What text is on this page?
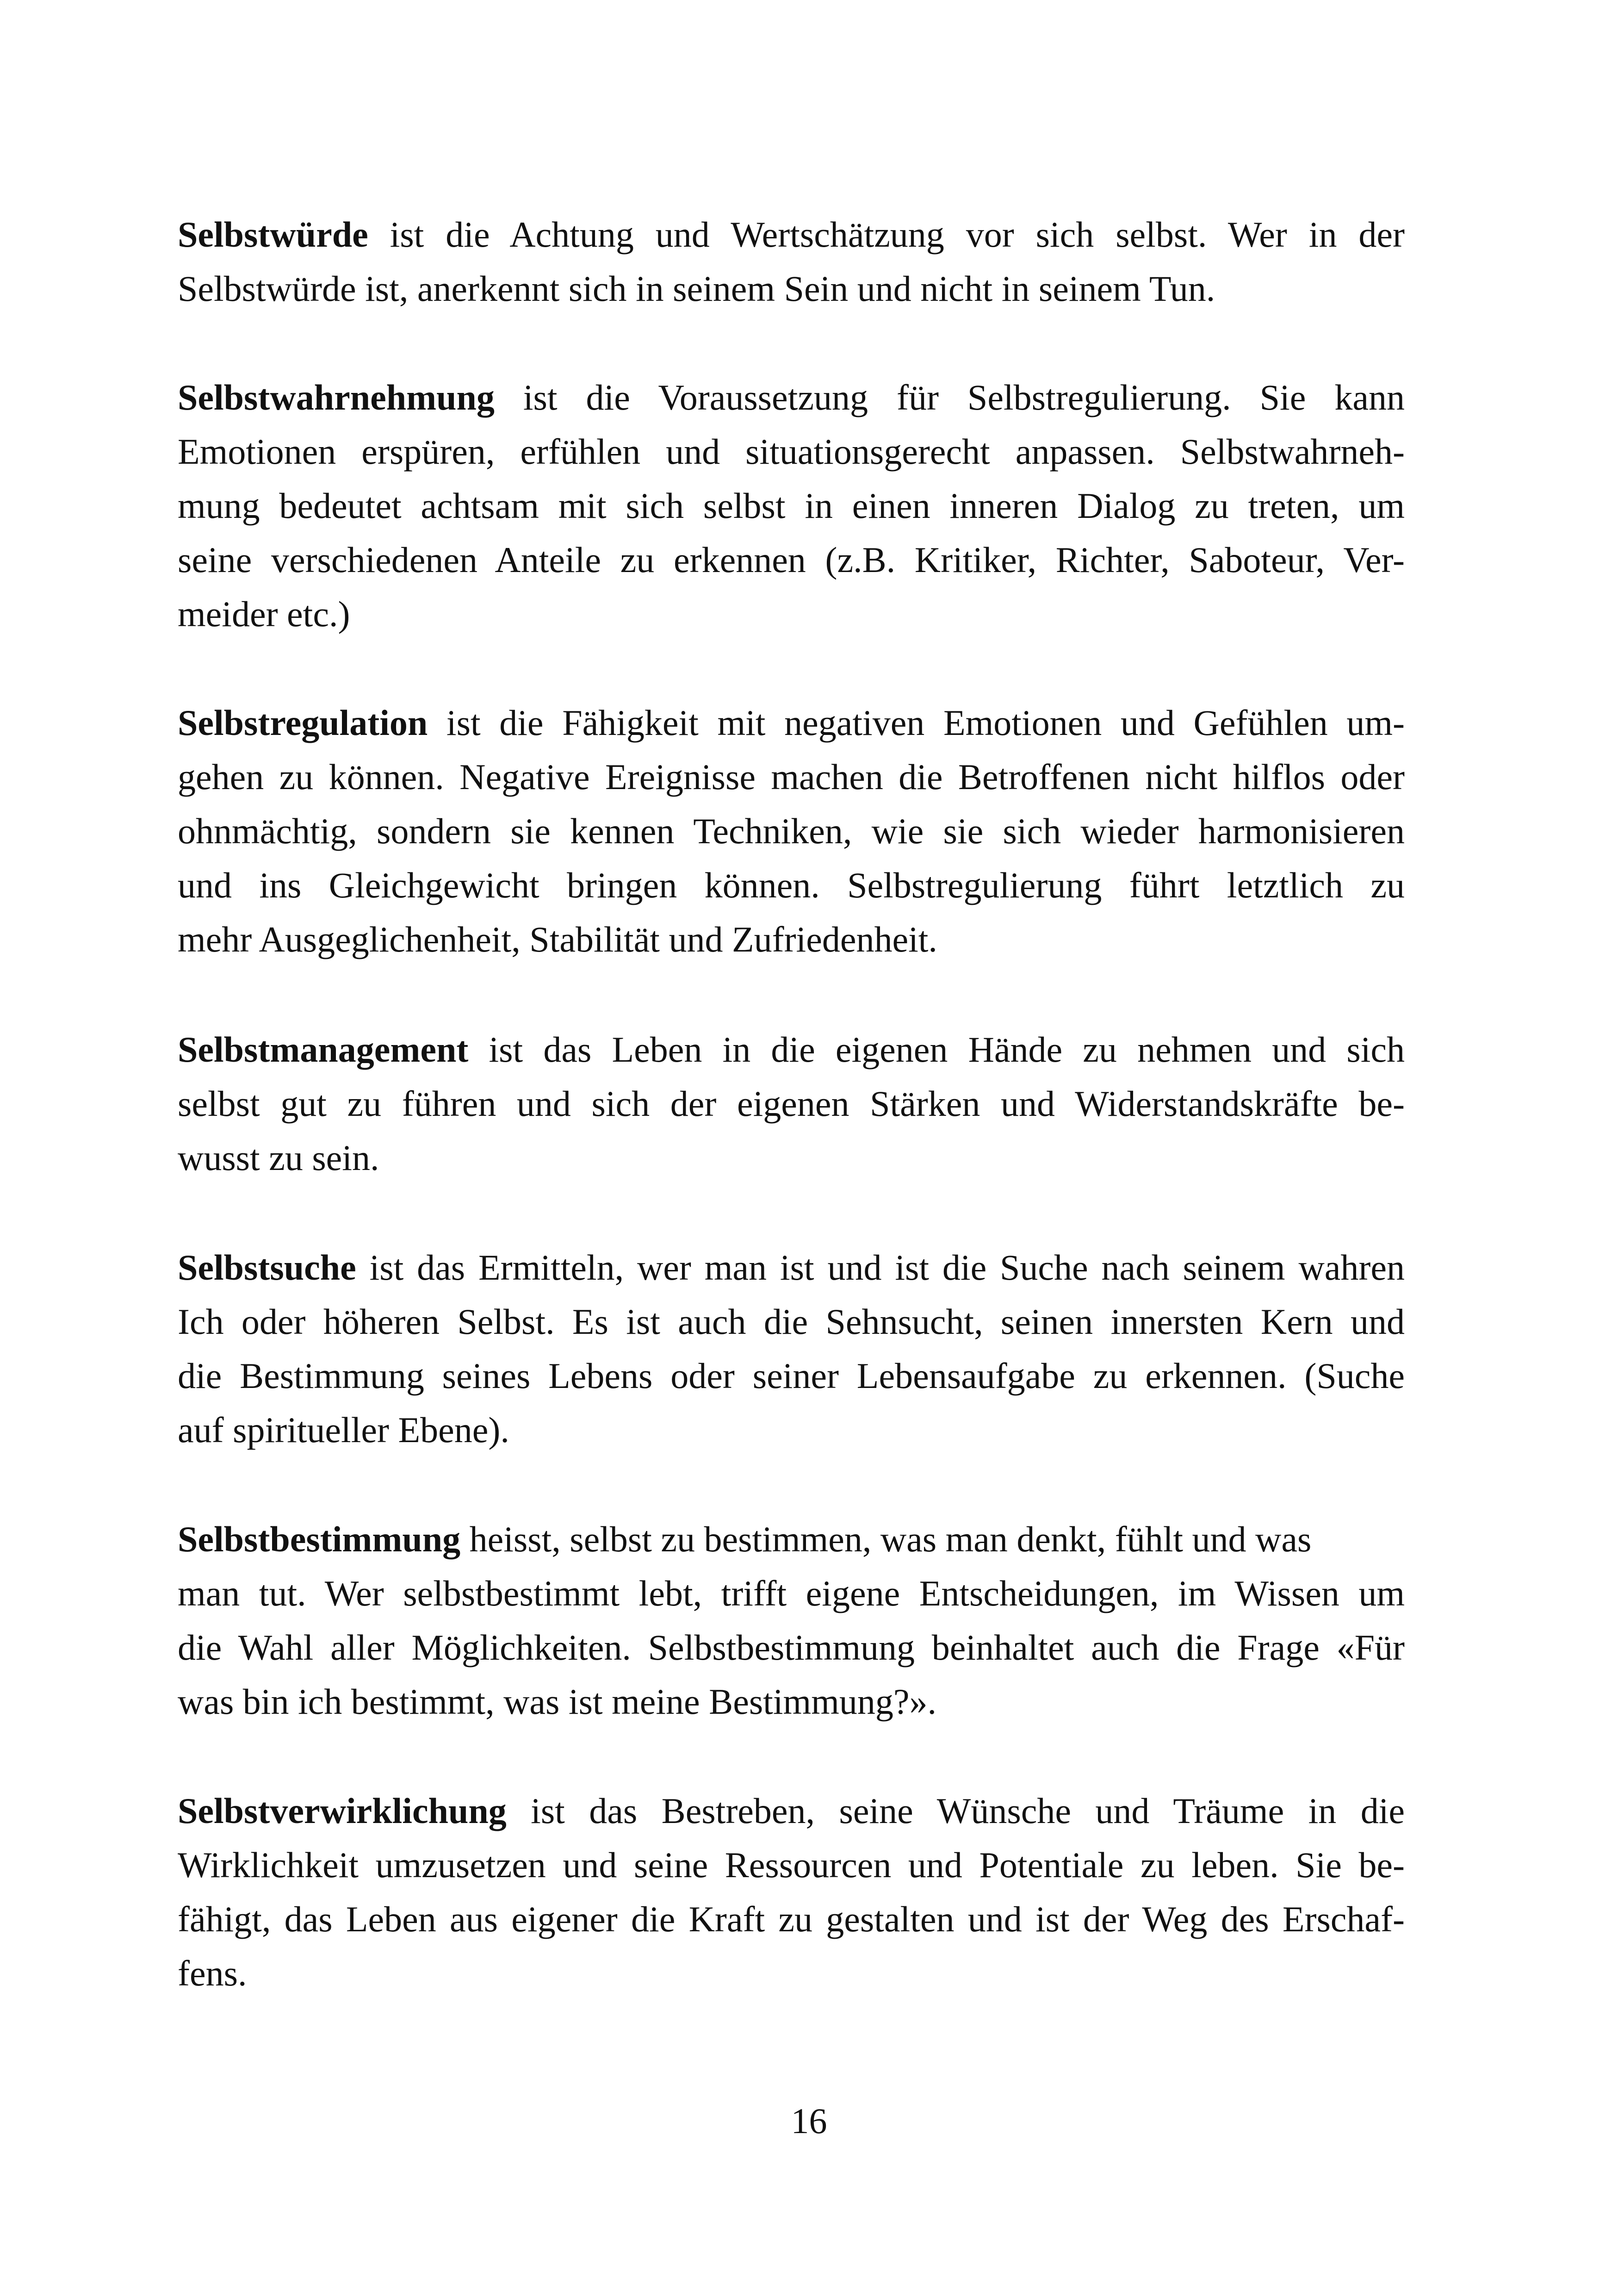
Selbstwürde ist die Achtung und Wertschätzung vor sich selbst. Wer in der
Selbstwürde ist, anerkennt sich in seinem Sein und nicht in seinem Tun.

Selbstwahrnehmung ist die Voraussetzung für Selbstregulierung. Sie kann
Emotionen erspüren, erfühlen und situationsgerecht anpassen. Selbstwahrneh-
mung bedeutet achtsam mit sich selbst in einen inneren Dialog zu treten, um
seine verschiedenen Anteile zu erkennen (z.B. Kritiker, Richter, Saboteur, Ver-
meider etc.)

Selbstregulation ist die Fähigkeit mit negativen Emotionen und Gefühlen um-
gehen zu können. Negative Ereignisse machen die Betroffenen nicht hilflos oder
ohnmächtig, sondern sie kennen Techniken, wie sie sich wieder harmonisieren
und ins Gleichgewicht bringen können. Selbstregulierung führt letztlich zu
mehr Ausgeglichenheit, Stabilität und Zufriedenheit.

Selbstmanagement ist das Leben in die eigenen Hände zu nehmen und sich
selbst gut zu führen und sich der eigenen Stärken und Widerstandskräfte be-
wusst zu sein.

Selbstsuche ist das Ermitteln, wer man ist und ist die Suche nach seinem wahren
Ich oder höheren Selbst. Es ist auch die Sehnsucht, seinen innersten Kern und
die Bestimmung seines Lebens oder seiner Lebensaufgabe zu erkennen. (Suche
auf spiritueller Ebene).

Selbstbestimmung heisst, selbst zu bestimmen, was man denkt, fühlt und was
man tut. Wer selbstbestimmt lebt, trifft eigene Entscheidungen, im Wissen um
die Wahl aller Möglichkeiten. Selbstbestimmung beinhaltet auch die Frage «Für
was bin ich bestimmt, was ist meine Bestimmung?».

Selbstverwirklichung ist das Bestreben, seine Wünsche und Träume in die
Wirklichkeit umzusetzen und seine Ressourcen und Potentiale zu leben. Sie be-
fähigt, das Leben aus eigener die Kraft zu gestalten und ist der Weg des Erschaf-
fens.

16
